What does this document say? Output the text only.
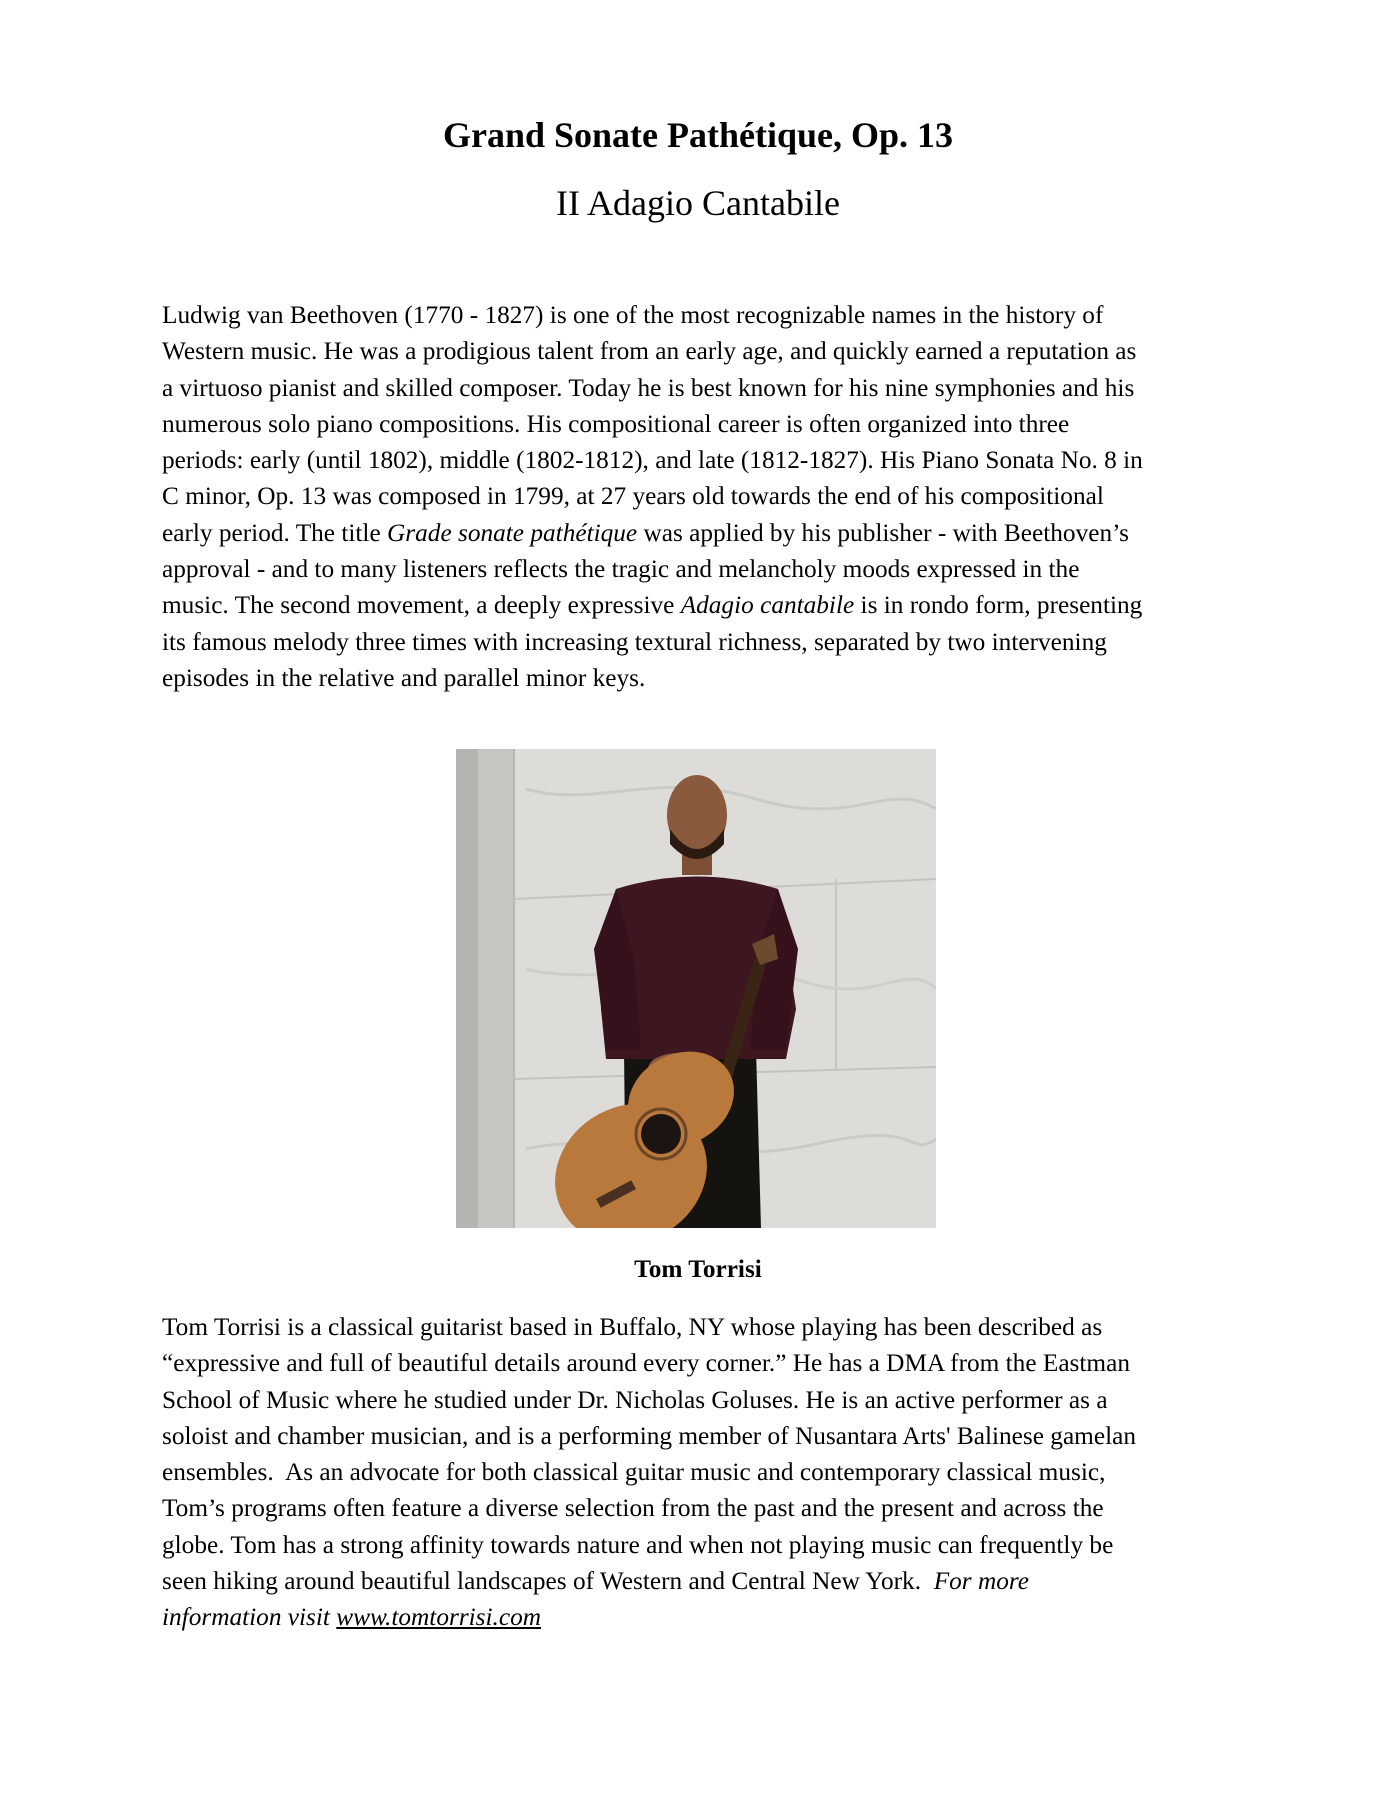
Grand Sonate Pathétique, Op. 13
II Adagio Cantabile
Ludwig van Beethoven (1770 - 1827) is one of the most recognizable names in the history of
Western music. He was a prodigious talent from an early age, and quickly earned a reputation as
a virtuoso pianist and skilled composer. Today he is best known for his nine symphonies and his
numerous solo piano compositions. His compositional career is often organized into three
periods: early (until 1802), middle (1802-1812), and late (1812-1827). His Piano Sonata No. 8 in
C minor, Op. 13 was composed in 1799, at 27 years old towards the end of his compositional
early period. The title Grade sonate pathétique was applied by his publisher - with Beethoven’s
approval - and to many listeners reflects the tragic and melancholy moods expressed in the
music. The second movement, a deeply expressive Adagio cantabile is in rondo form, presenting
its famous melody three times with increasing textural richness, separated by two intervening
episodes in the relative and parallel minor keys.
Tom Torrisi
Tom Torrisi is a classical guitarist based in Buffalo, NY whose playing has been described as
“expressive and full of beautiful details around every corner.” He has a DMA from the Eastman
School of Music where he studied under Dr. Nicholas Goluses. He is an active performer as a
soloist and chamber musician, and is a performing member of Nusantara Arts' Balinese gamelan
ensembles.  As an advocate for both classical guitar music and contemporary classical music,
Tom’s programs often feature a diverse selection from the past and the present and across the
globe. Tom has a strong affinity towards nature and when not playing music can frequently be
seen hiking around beautiful landscapes of Western and Central New York.  For more
information visit www.tomtorrisi.com
